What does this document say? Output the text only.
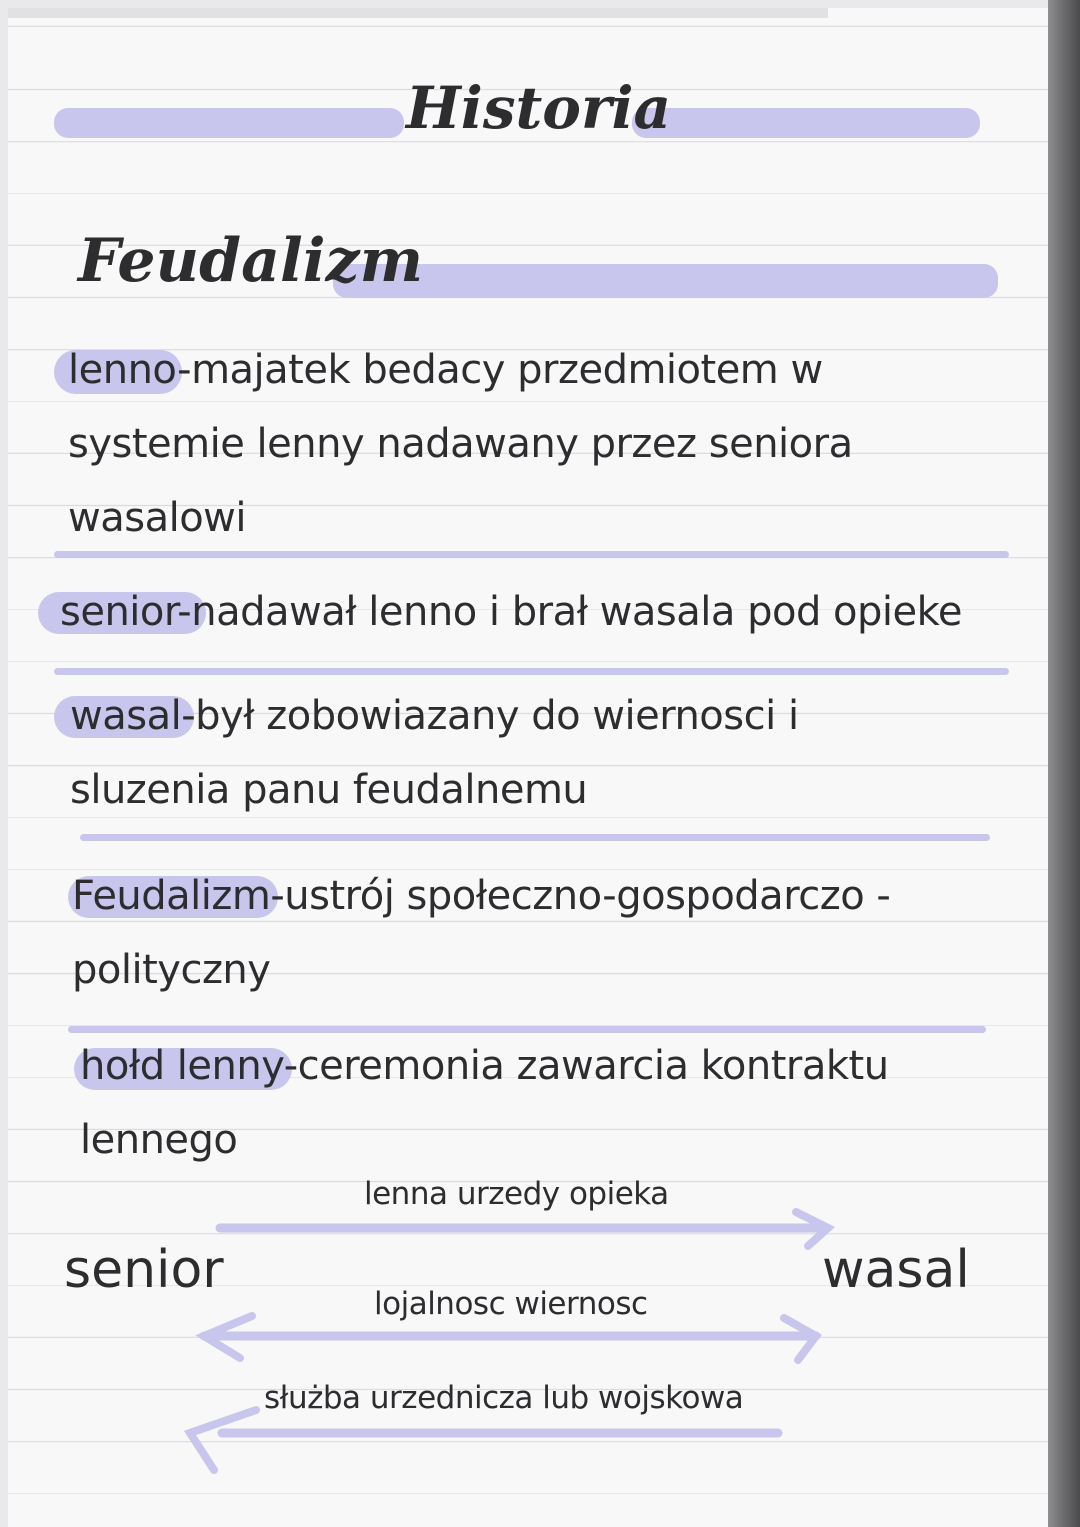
Historia
Feudalizm
lenno-majatek bedacy przedmiotem w
systemie lenny nadawany przez seniora
wasalowi
senior-nadawał lenno i brał wasala pod opieke
wasal-był zobowiazany do wiernosci i
sluzenia panu feudalnemu
Feudalizm-ustrój społeczno-gospodarczo -
polityczny
hołd lenny-ceremonia zawarcia kontraktu
lennego
senior	wasal
lenna urzedy opieka
lojalnosc wiernosc
służba urzednicza lub wojskowa
